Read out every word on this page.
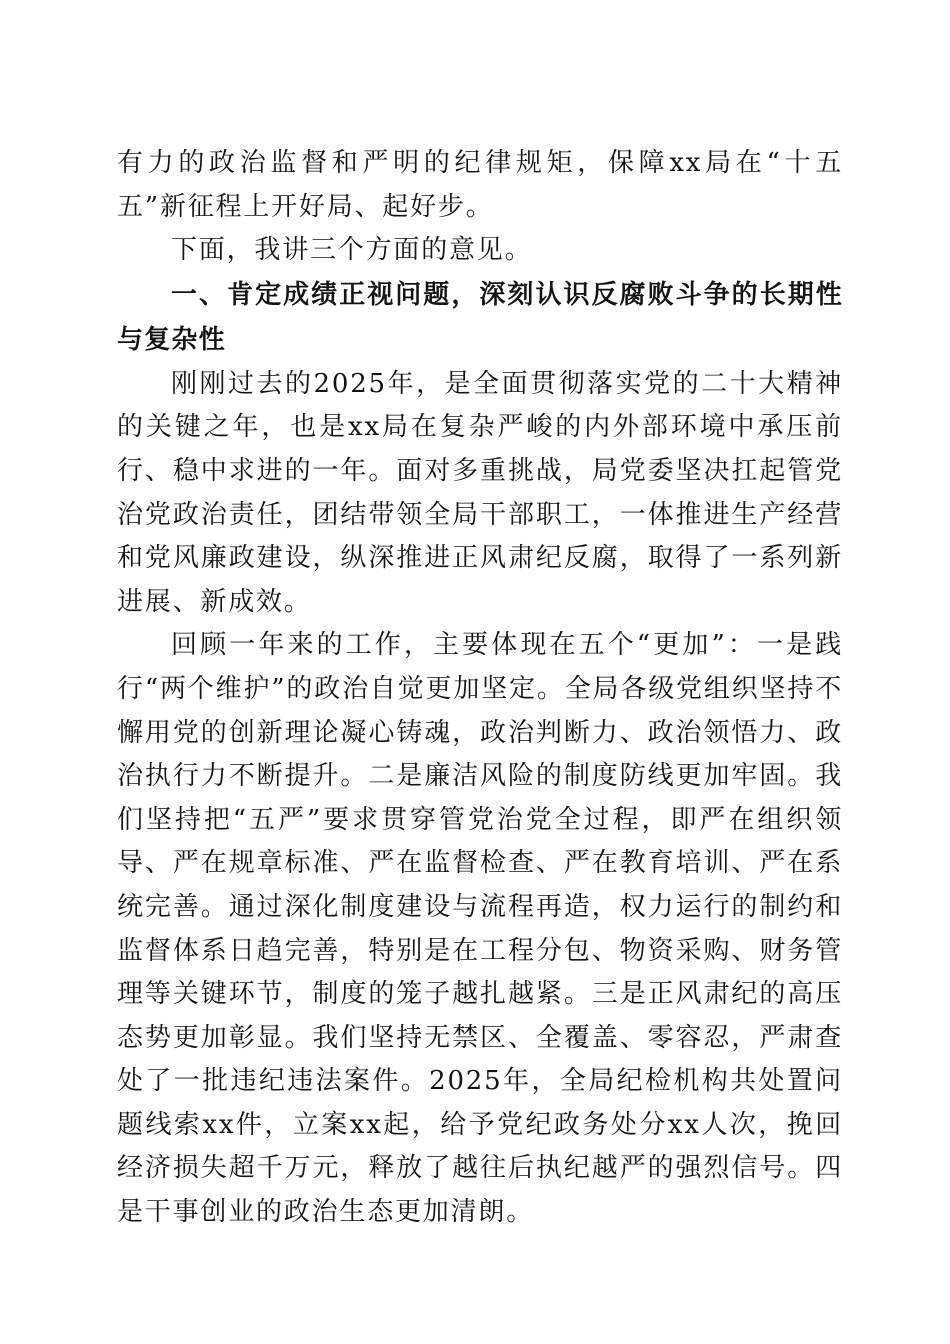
有力的政治监督和严明的纪律规矩，保障xx局在“十五五”新征程上开好局、起好步。

下面，我讲三个方面的意见。

一、肯定成绩正视问题，深刻认识反腐败斗争的长期性与复杂性

刚刚过去的2025年，是全面贯彻落实党的二十大精神的关键之年，也是xx局在复杂严峻的内外部环境中承压前行、稳中求进的一年。面对多重挑战，局党委坚决扛起管党治党政治责任，团结带领全局干部职工，一体推进生产经营和党风廉政建设，纵深推进正风肃纪反腐，取得了一系列新进展、新成效。

回顾一年来的工作，主要体现在五个“更加”：一是践行“两个维护”的政治自觉更加坚定。全局各级党组织坚持不懈用党的创新理论凝心铸魂，政治判断力、政治领悟力、政治执行力不断提升。二是廉洁风险的制度防线更加牢固。我们坚持把“五严”要求贯穿管党治党全过程，即严在组织领导、严在规章标准、严在监督检查、严在教育培训、严在系统完善。通过深化制度建设与流程再造，权力运行的制约和监督体系日趋完善，特别是在工程分包、物资采购、财务管理等关键环节，制度的笼子越扎越紧。三是正风肃纪的高压态势更加彰显。我们坚持无禁区、全覆盖、零容忍，严肃查处了一批违纪违法案件。2025年，全局纪检机构共处置问题线索xx件，立案xx起，给予党纪政务处分xx人次，挽回经济损失超千万元，释放了越往后执纪越严的强烈信号。四是干事创业的政治生态更加清朗。
